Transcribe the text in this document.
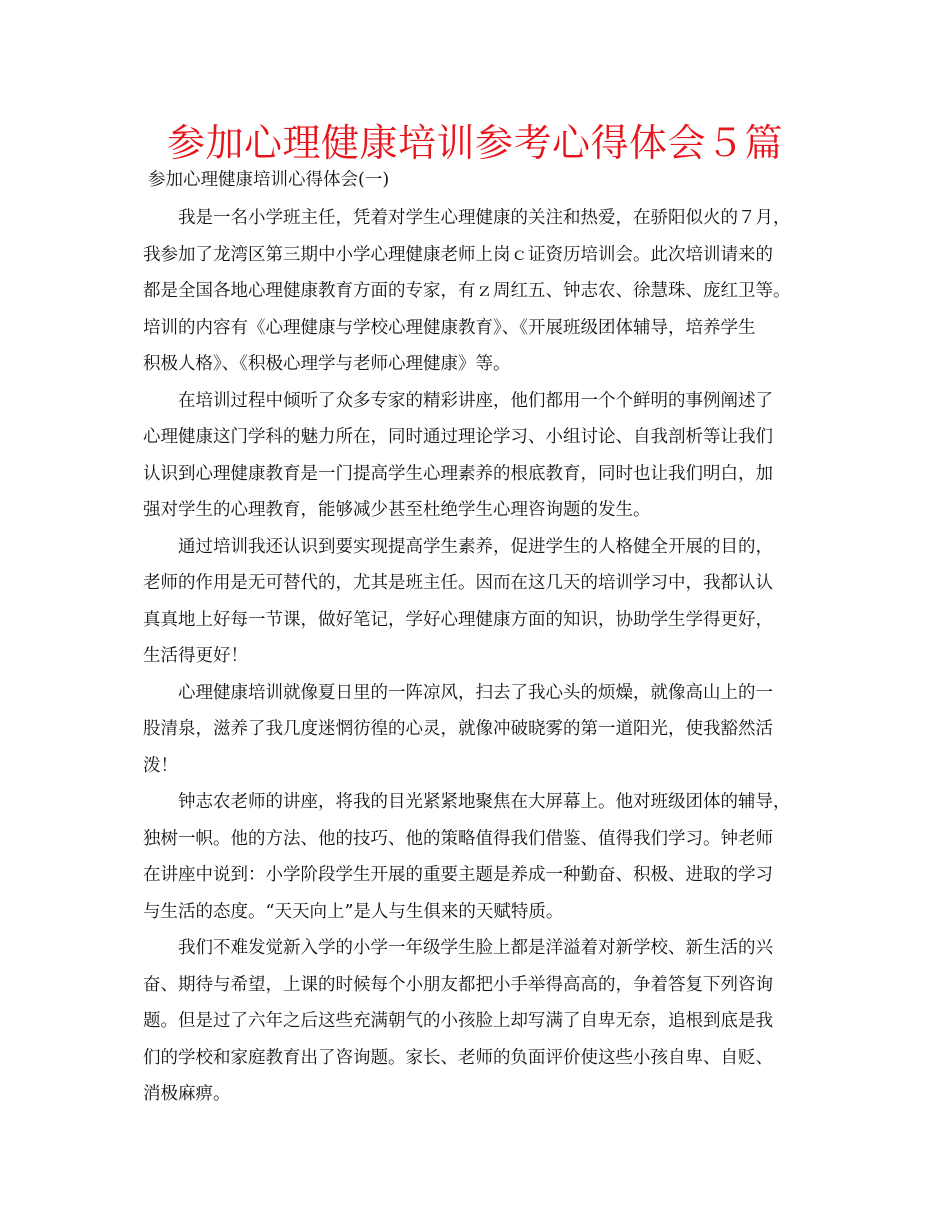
参加心理健康培训参考心得体会５篇
参加心理健康培训心得体会(一)
我是一名小学班主任，凭着对学生心理健康的关注和热爱，在骄阳似火的７月，
我参加了龙湾区第三期中小学心理健康老师上岗ｃ证资历培训会。此次培训请来的
都是全国各地心理健康教育方面的专家，有ｚ周红五、钟志农、徐慧珠、庞红卫等。
培训的内容有《心理健康与学校心理健康教育》、《开展班级团体辅导，培养学生
积极人格》、《积极心理学与老师心理健康》等。
在培训过程中倾听了众多专家的精彩讲座，他们都用一个个鲜明的事例阐述了
心理健康这门学科的魅力所在，同时通过理论学习、小组讨论、自我剖析等让我们
认识到心理健康教育是一门提高学生心理素养的根底教育，同时也让我们明白，加
强对学生的心理教育，能够减少甚至杜绝学生心理咨询题的发生。
通过培训我还认识到要实现提高学生素养，促进学生的人格健全开展的目的，
老师的作用是无可替代的，尤其是班主任。因而在这几天的培训学习中，我都认认
真真地上好每一节课，做好笔记，学好心理健康方面的知识，协助学生学得更好，
生活得更好！
心理健康培训就像夏日里的一阵凉风，扫去了我心头的烦燥，就像高山上的一
股清泉，滋养了我几度迷惘彷徨的心灵，就像冲破晓雾的第一道阳光，使我豁然活
泼！
钟志农老师的讲座，将我的目光紧紧地聚焦在大屏幕上。他对班级团体的辅导，
独树一帜。他的方法、他的技巧、他的策略值得我们借鉴、值得我们学习。钟老师
在讲座中说到：小学阶段学生开展的重要主题是养成一种勤奋、积极、进取的学习
与生活的态度。“天天向上”是人与生俱来的天赋特质。
我们不难发觉新入学的小学一年级学生脸上都是洋溢着对新学校、新生活的兴
奋、期待与希望，上课的时候每个小朋友都把小手举得高高的，争着答复下列咨询
题。但是过了六年之后这些充满朝气的小孩脸上却写满了自卑无奈，追根到底是我
们的学校和家庭教育出了咨询题。家长、老师的负面评价使这些小孩自卑、自贬、
消极麻痹。
